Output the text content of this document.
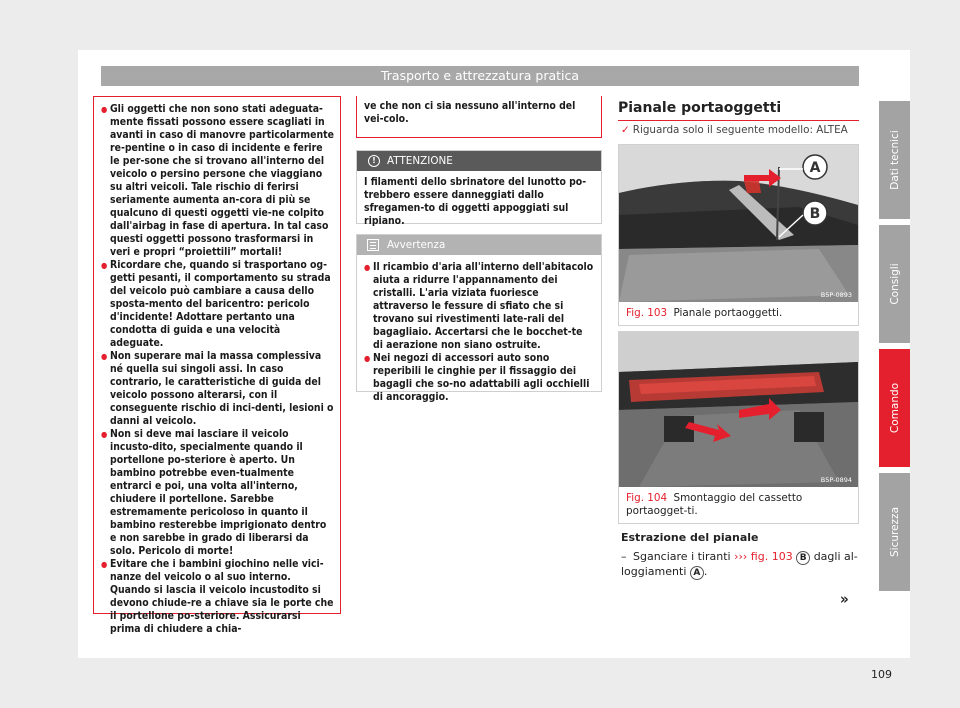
Trasporto e attrezzatura pratica
Dati tecnici
Consigli
Comando
Sicurezza

● Gli oggetti che non sono stati adeguata-mente fissati possono essere scagliati in avanti in caso di manovre particolarmente re-pentine o in caso di incidente e ferire le per-sone che si trovano all'interno del veicolo o persino persone che viaggiano su altri veicoli. Tale rischio di ferirsi seriamente aumenta an-cora di più se qualcuno di questi oggetti vie-ne colpito dall'airbag in fase di apertura. In tal caso questi oggetti possono trasformarsi in veri e propri “proiettili” mortali!

● Ricordare che, quando si trasportano og-getti pesanti, il comportamento su strada del veicolo può cambiare a causa dello sposta-mento del baricentro: pericolo d'incidente! Adottare pertanto una condotta di guida e una velocità adeguate.

● Non superare mai la massa complessiva né quella sui singoli assi. In caso contrario, le caratteristiche di guida del veicolo possono alterarsi, con il conseguente rischio di inci-denti, lesioni o danni al veicolo.

● Non si deve mai lasciare il veicolo incusto-dito, specialmente quando il portellone po-steriore è aperto. Un bambino potrebbe even-tualmente entrarci e poi, una volta all'interno, chiudere il portellone. Sarebbe estremamente pericoloso in quanto il bambino resterebbe imprigionato dentro e non sarebbe in grado di liberarsi da solo. Pericolo di morte!

● Evitare che i bambini giochino nelle vici-nanze del veicolo o al suo interno. Quando si lascia il veicolo incustodito si devono chiude-re a chiave sia le porte che il portellone po-steriore. Assicurarsi prima di chiudere a chia-

ve che non ci sia nessuno all'interno del vei-colo.

!	ATTENZIONE
I filamenti dello sbrinatore del lunotto po-trebbero essere danneggiati dallo sfregamen-to di oggetti appoggiati sul ripiano.
Avvertenza

● Il ricambio d'aria all'interno dell'abitacolo aiuta a ridurre l'appannamento dei cristalli. L'aria viziata fuoriesce attraverso le fessure di sfiato che si trovano sui rivestimenti late-rali del bagagliaio. Accertarsi che le bocchet-te di aerazione non siano ostruite.

● Nei negozi di accessori auto sono reperibili le cinghie per il fissaggio dei bagagli che so-no adattabili agli occhielli di ancoraggio.

Pianale portaoggetti
✓ Riguarda solo il seguente modello: ALTEA
A
B
B5P-0893
Fig. 103 Pianale portaoggetti.
B5P-0894
Fig. 104 Smontaggio del cassetto portaogget-ti.
Estrazione del pianale
– Sganciare i tiranti ››› fig. 103 B dagli al-loggiamenti A .
»
109
